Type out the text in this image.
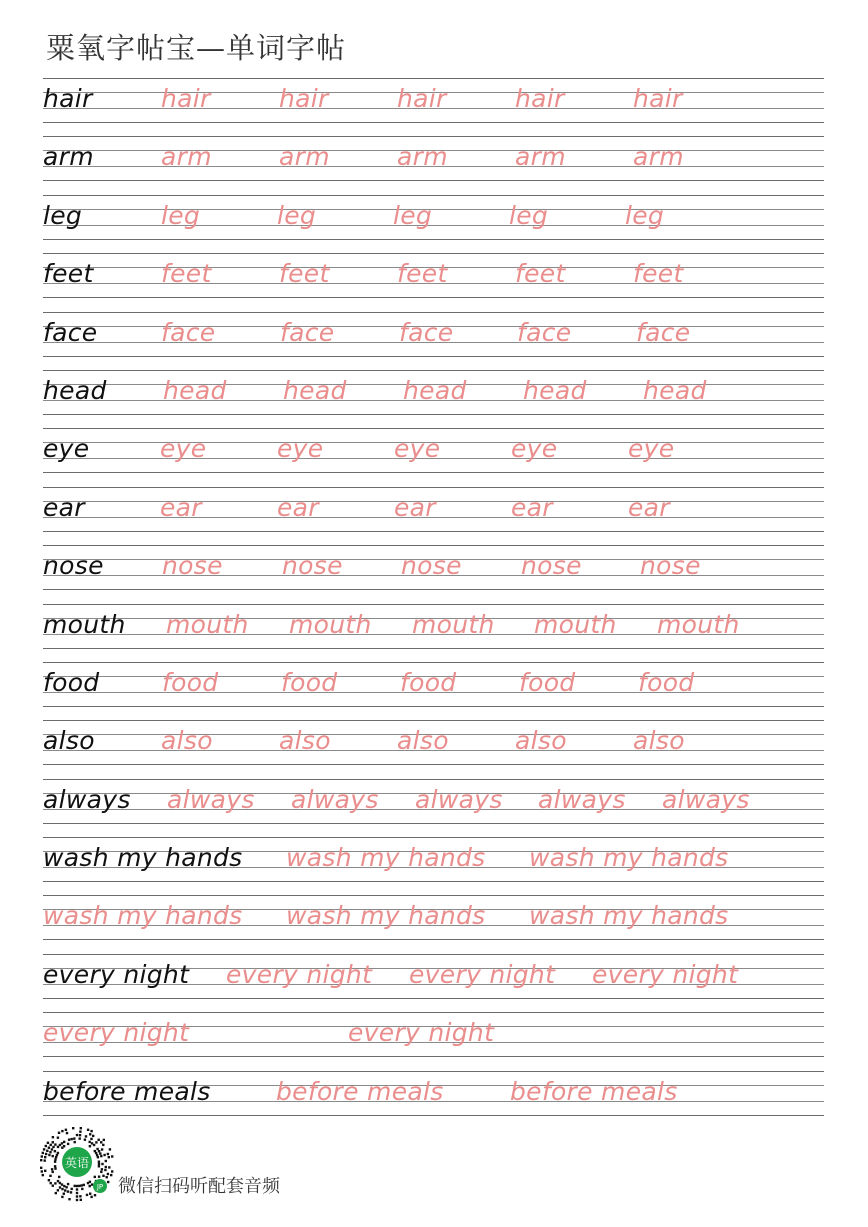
粟氧字帖宝—单词字帖
hair	hair	hair	hair	hair	hair
arm	arm	arm	arm	arm	arm
leg	leg	leg	leg	leg	leg
feet	feet	feet	feet	feet	feet
face	face	face	face	face	face
head head head head head head
eye	eye	eye	eye	eye	eye
ear	ear	ear	ear	ear	ear
nose nose nose nose nose nose
mouth mouth mouth mouth mouth mouth
food	food	food	food	food	food
also	also	also	also	also	also
always always always always always always
wash my hands wash my hands wash my hands
wash my hands wash my hands wash my hands
every night every night every night every night
every night	every night
before meals	before meals	before meals
英语
JP 微信扫码听配套音频
